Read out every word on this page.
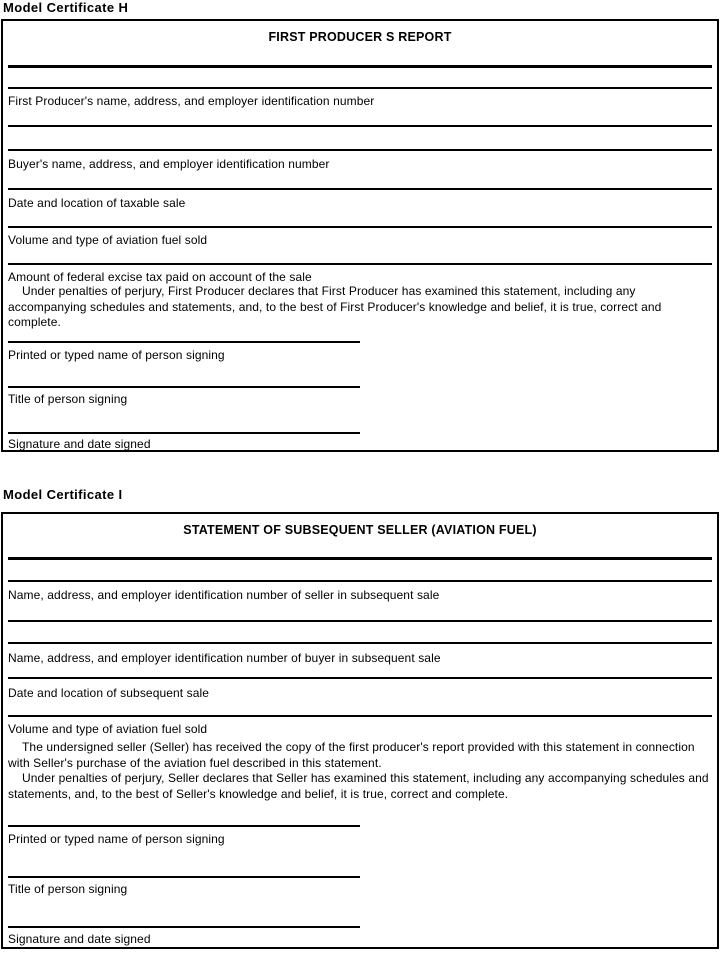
Model Certificate H
FIRST PRODUCER S REPORT
First Producer's name, address, and employer identification number
Buyer's name, address, and employer identification number
Date and location of taxable sale
Volume and type of aviation fuel sold
Amount of federal excise tax paid on account of the sale
Under penalties of perjury, First Producer declares that First Producer has examined this statement, including any accompanying schedules and statements, and, to the best of First Producer's knowledge and belief, it is true, correct and complete.
Printed or typed name of person signing
Title of person signing
Signature and date signed
Model Certificate I
STATEMENT OF SUBSEQUENT SELLER (AVIATION FUEL)
Name, address, and employer identification number of seller in subsequent sale
Name, address, and employer identification number of buyer in subsequent sale
Date and location of subsequent sale
Volume and type of aviation fuel sold
The undersigned seller (Seller) has received the copy of the first producer's report provided with this statement in connection with Seller's purchase of the aviation fuel described in this statement.
Under penalties of perjury, Seller declares that Seller has examined this statement, including any accompanying schedules and statements, and, to the best of Seller's knowledge and belief, it is true, correct and complete.
Printed or typed name of person signing
Title of person signing
Signature and date signed
